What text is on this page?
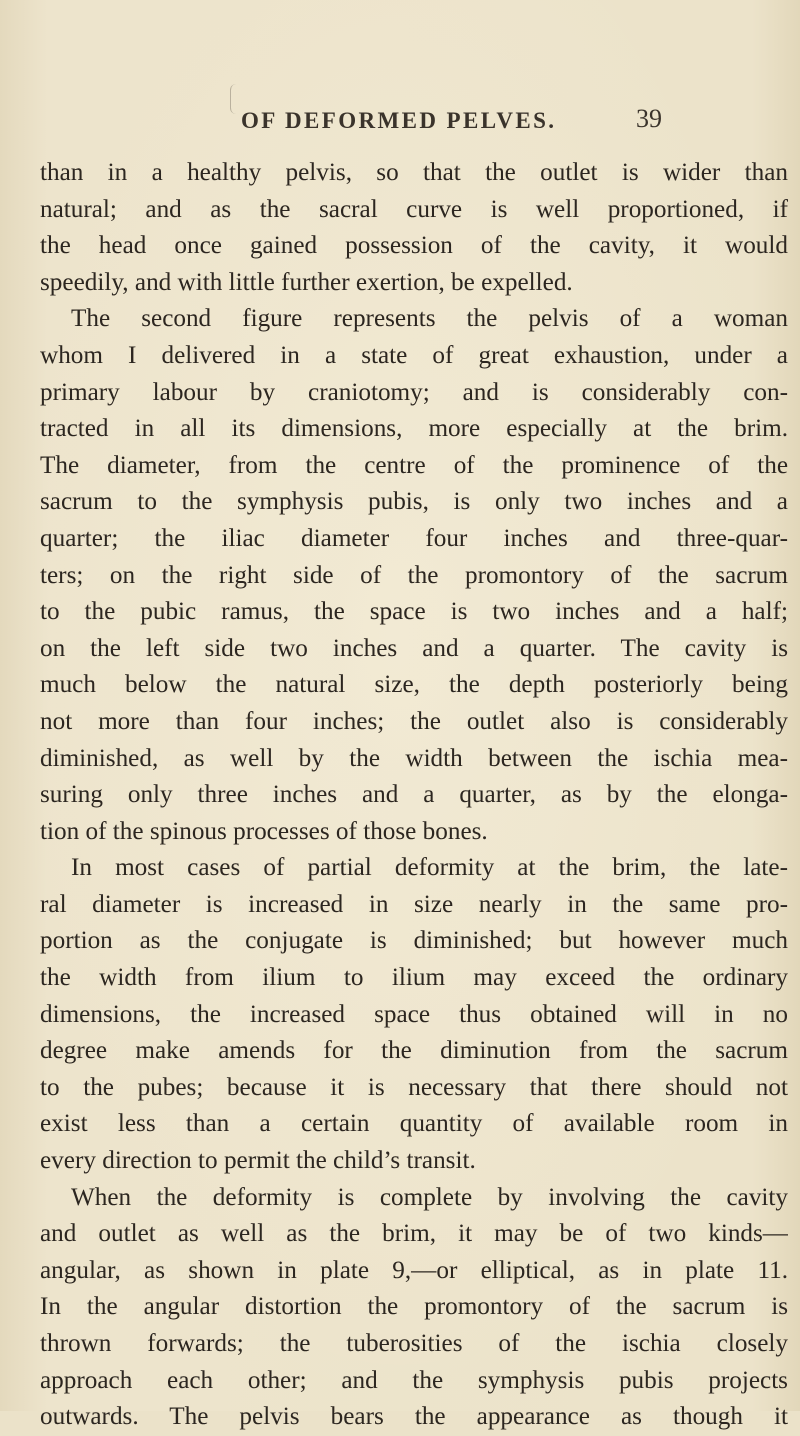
OF DEFORMED PELVES.	39
than in a healthy pelvis, so that the outlet is wider than
natural; and as the sacral curve is well proportioned, if
the head once gained possession of the cavity, it would
speedily, and with little further exertion, be expelled.
The second figure represents the pelvis of a woman
whom I delivered in a state of great exhaustion, under a
primary labour by craniotomy; and is considerably con-
tracted in all its dimensions, more especially at the brim.
The diameter, from the centre of the prominence of the
sacrum to the symphysis pubis, is only two inches and a
quarter; the iliac diameter four inches and three-quar-
ters; on the right side of the promontory of the sacrum
to the pubic ramus, the space is two inches and a half;
on the left side two inches and a quarter. The cavity is
much below the natural size, the depth posteriorly being
not more than four inches; the outlet also is considerably
diminished, as well by the width between the ischia mea-
suring only three inches and a quarter, as by the elonga-
tion of the spinous processes of those bones.
In most cases of partial deformity at the brim, the late-
ral diameter is increased in size nearly in the same pro-
portion as the conjugate is diminished; but however much
the width from ilium to ilium may exceed the ordinary
dimensions, the increased space thus obtained will in no
degree make amends for the diminution from the sacrum
to the pubes; because it is necessary that there should not
exist less than a certain quantity of available room in
every direction to permit the child’s transit.
When the deformity is complete by involving the cavity
and outlet as well as the brim, it may be of two kinds—
angular, as shown in plate 9,—or elliptical, as in plate 11.
In the angular distortion the promontory of the sacrum is
thrown forwards; the tuberosities of the ischia closely
approach each other; and the symphysis pubis projects
outwards. The pelvis bears the appearance as though it
